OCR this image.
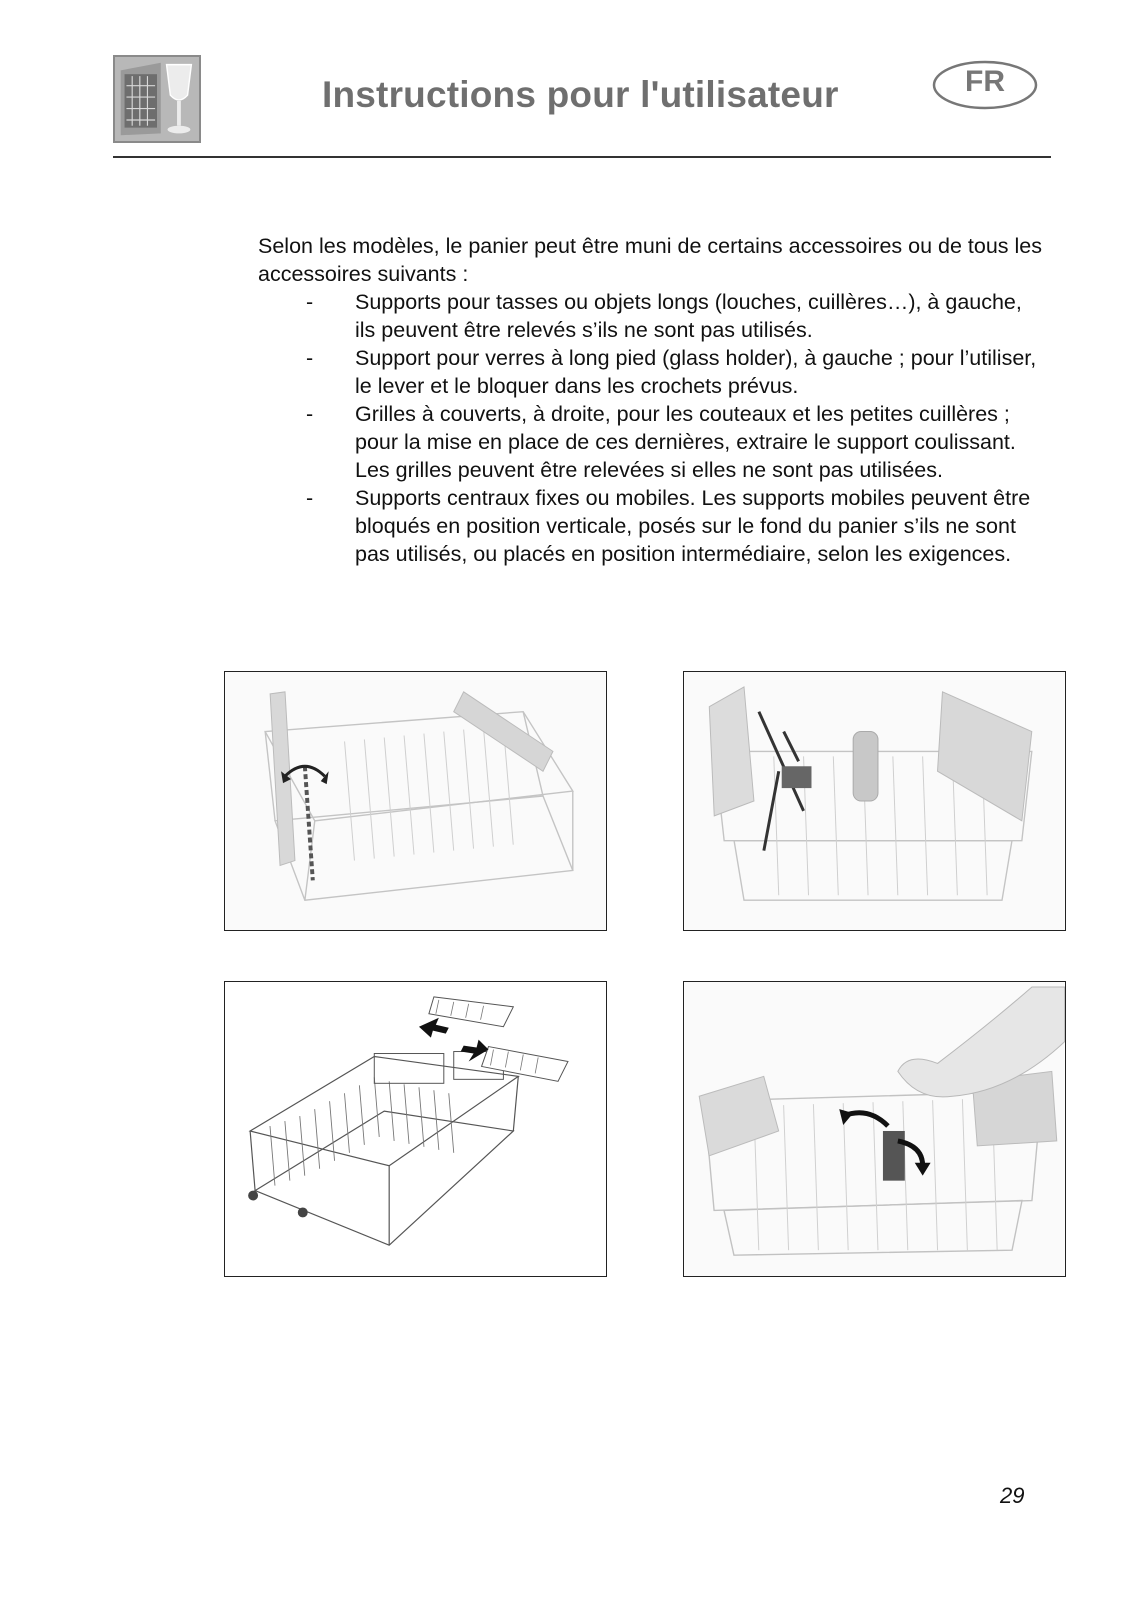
Instructions pour l'utilisateur	FR

Selon les modèles, le panier peut être muni de certains accessoires ou de tous les accessoires suivants :

- Supports pour tasses ou objets longs (louches, cuillères…), à gauche, ils peuvent être relevés s’ils ne sont pas utilisés.
- Support pour verres à long pied (glass holder), à gauche ; pour l’utiliser, le lever et le bloquer dans les crochets prévus.
- Grilles à couverts, à droite, pour les couteaux et les petites cuillères ; pour la mise en place de ces dernières, extraire le support coulissant. Les grilles peuvent être relevées si elles ne sont pas utilisées.
- Supports centraux fixes ou mobiles. Les supports mobiles peuvent être bloqués en position verticale, posés sur le fond du panier s’ils ne sont pas utilisés, ou placés en position intermédiaire, selon les exigences.
29
